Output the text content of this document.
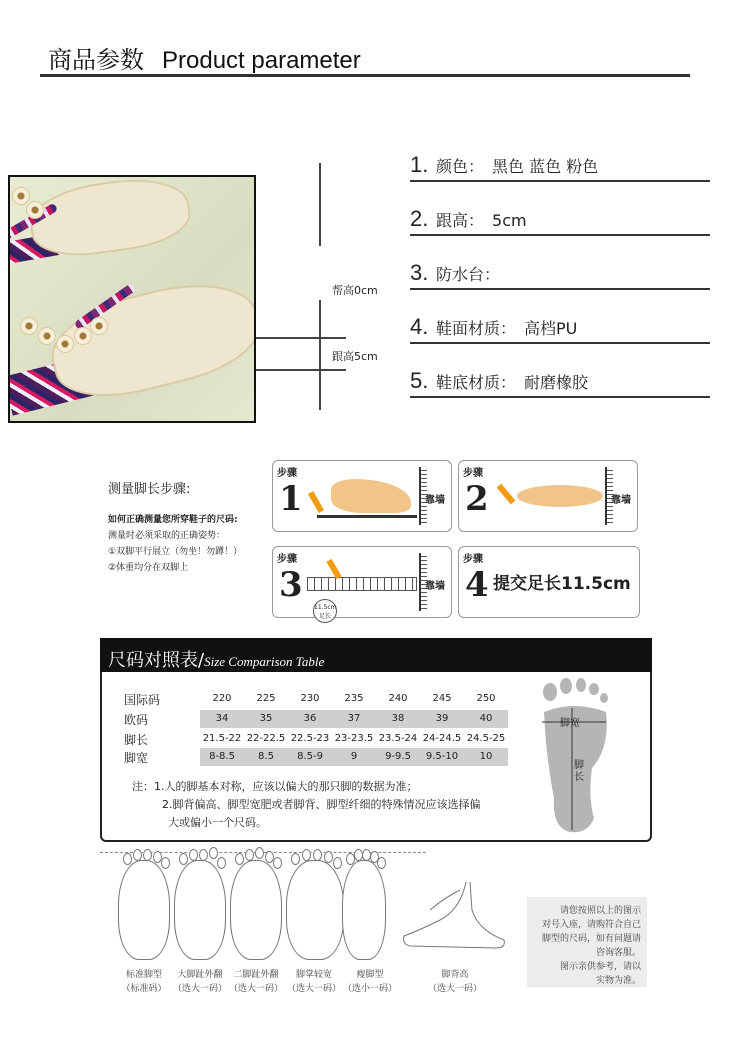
商品参数 Product parameter
帮高0cm
跟高5cm
1. 颜色： 黑色 蓝色 粉色
2. 跟高： 5cm
3. 防水台：
4. 鞋面材质： 高档PU
5. 鞋底材质： 耐磨橡胶
测量脚长步骤:
如何正确测量您所穿鞋子的尺码:
测量时必须采取的正确姿势：
①双脚平行展立（勿坐！勿蹲！）
②体重均分在双脚上
步骤
1	靠墙
步骤
2	靠墙
步骤
3
11.5cm
足长
靠墙
步骤
4 提交足长11.5cm
尺码对照表/Size Comparison Table
国际码	220	225	230	235	240	245	250
欧码	34	35	36	37	38	39	40
脚长	21.5-22 22-22.5 22.5-23 23-23.5 23.5-24 24-24.5 24.5-25
脚宽	8-8.5	8.5	8.5-9	9	9-9.5	9.5-10	10
注：1.人的脚基本对称，应该以偏大的那只脚的数据为准；
2.脚背偏高、脚型宽肥或者脚背、脚型纤细的特殊情况应该选择偏
大或偏小一个尺码。
脚宽
脚长
标准脚型
（标准码）
大脚趾外翻
（选大一码）
二脚趾外翻
（选大一码）
脚掌较宽
（选大一码）
瘦脚型
（选小一码）
脚背高
（选大一码）
请您按照以上的图示
对号入座，请购符合自己
脚型的尺码，如有问题请
咨询客服。
图示亲供参考，请以
实物为准。
